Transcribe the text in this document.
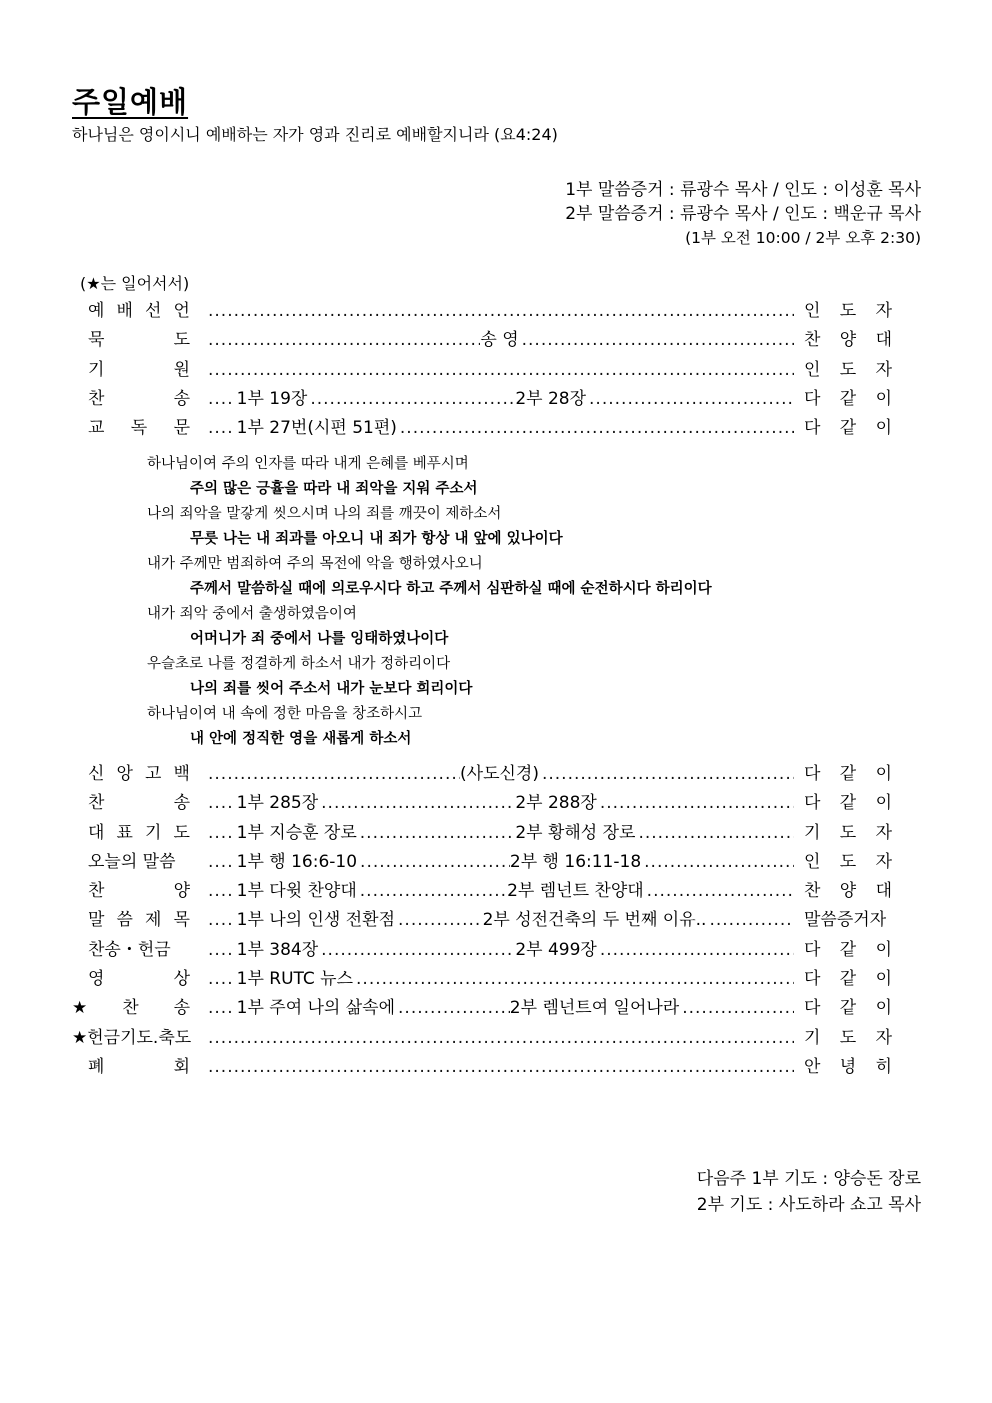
주일예배
하나님은 영이시니 예배하는 자가 영과 진리로 예배할지니라 (요4:24)
1부 말씀증거 : 류광수 목사 / 인도 : 이성훈 목사
2부 말씀증거 : 류광수 목사 / 인도 : 백운규 목사
(1부 오전 10:00 / 2부 오후 2:30)
(★는 일어서서)
예 배 선 언 .....	인 도 자
묵	도 .....	송 영 .....	찬 양 대
기	원 .....	인 도 자
찬	송 ....	1부 19장 .....	2부 28장 .....	다 같 이
교 독 문 ....	1부 27번(시편 51편) .....	다 같 이
하나님이여 주의 인자를 따라 내게 은혜를 베푸시며
주의 많은 긍휼을 따라 내 죄악을 지워 주소서
나의 죄악을 말갛게 씻으시며 나의 죄를 깨끗이 제하소서
무릇 나는 내 죄과를 아오니 내 죄가 항상 내 앞에 있나이다
내가 주께만 범죄하여 주의 목전에 악을 행하였사오니
주께서 말씀하실 때에 의로우시다 하고 주께서 심판하실 때에 순전하시다 하리이다
내가 죄악 중에서 출생하였음이여
어머니가 죄 중에서 나를 잉태하였나이다
우슬초로 나를 정결하게 하소서 내가 정하리이다
나의 죄를 씻어 주소서 내가 눈보다 희리이다
하나님이여 내 속에 정한 마음을 창조하시고
내 안에 정직한 영을 새롭게 하소서
신 앙 고 백 .....	(사도신경) .....	다 같 이
찬	송 ....	1부 285장 .....	2부 288장 .....	다 같 이
대 표 기 도 ....	1부 지승훈 장로 .....	2부 황해성 장로 .....	기 도 자
오늘의 말씀 ....	1부 행 16:6-10 .....	2부 행 16:11-18 .....	인 도 자
찬	양 ....	1부 다윗 찬양대 .....	2부 렘넌트 찬양대 .....	찬 양 대
말 씀 제 목 ....	1부 나의 인생 전환점 .....	2부 성전건축의 두 번째 이유.. .....	말씀증거자
찬송・헌금 ....	1부 384장 .....	2부 499장 .....	다 같 이
영	상 ....	1부 RUTC 뉴스 .....	다 같 이
★ 찬 송 ....	1부 주여 나의 삶속에 .....	2부 렘넌트여 일어나라 .....	다 같 이
★헌금기도.축도 .....	기 도 자
폐	회 .....	안 녕 히
다음주 1부 기도 : 양승돈 장로
2부 기도 : 사도하라 쇼고 목사
